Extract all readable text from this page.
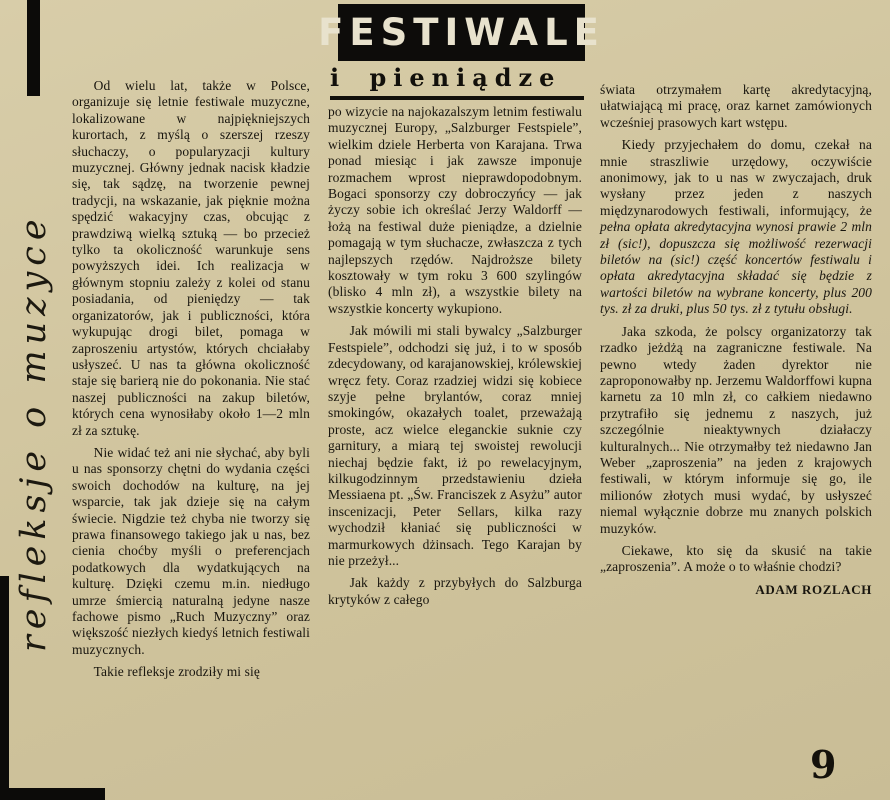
refleksje o muzyce
FESTIWALE
i pieniądze

Od wielu lat, także w Polsce, organizuje się letnie festiwale muzyczne, lokalizowane w najpiękniejszych kurortach, z myślą o szerszej rzeszy słuchaczy, o popularyzacji kultury muzycznej. Główny jednak nacisk kładzie się, tak sądzę, na tworzenie pewnej tradycji, na wskazanie, jak pięknie można spędzić wakacyjny czas, obcując z prawdziwą wielką sztuką — bo przecież tylko ta okoliczność warunkuje sens powyższych idei. Ich realizacja w głównym stopniu zależy z kolei od stanu posiadania, od pieniędzy — tak organizatorów, jak i publiczności, która wykupując drogi bilet, pomaga w zaproszeniu artystów, których chciałaby usłyszeć. U nas ta główna okoliczność staje się barierą nie do pokonania. Nie stać naszej publiczności na zakup biletów, których cena wynosiłaby około 1—2 mln zł za sztukę.

Nie widać też ani nie słychać, aby byli u nas sponsorzy chętni do wydania części swoich dochodów na kulturę, na jej wsparcie, tak jak dzieje się na całym świecie. Nigdzie też chyba nie tworzy się prawa finansowego takiego jak u nas, bez cienia choćby myśli o preferencjach podatkowych dla wydatkujących na kulturę. Dzięki czemu m.in. niedługo umrze śmiercią naturalną jedyne nasze fachowe pismo „Ruch Muzyczny” oraz większość niezłych kiedyś letnich festiwali muzycznych.

Takie refleksje zrodziły mi się

po wizycie na najokazalszym letnim festiwalu muzycznej Europy, „Salzburger Festspiele”, wielkim dziele Herberta von Karajana. Trwa ponad miesiąc i jak zawsze imponuje rozmachem wprost nieprawdopodobnym. Bogaci sponsorzy czy dobroczyńcy — jak życzy sobie ich określać Jerzy Waldorff — łożą na festiwal duże pieniądze, a dzielnie pomagają w tym słuchacze, zwłaszcza z tych najlepszych rzędów. Najdroższe bilety kosztowały w tym roku 3 600 szylingów (blisko 4 mln zł), a wszystkie bilety na wszystkie koncerty wykupiono.

Jak mówili mi stali bywalcy „Salzburger Festspiele”, odchodzi się już, i to w sposób zdecydowany, od karajanowskiej, królewskiej wręcz fety. Coraz rzadziej widzi się kobiece szyje pełne brylantów, coraz mniej smokingów, okazałych toalet, przeważają proste, acz wielce eleganckie suknie czy garnitury, a miarą tej swoistej rewolucji niechaj będzie fakt, iż po rewelacyjnym, kilkugodzinnym przedstawieniu dzieła Messiaena pt. „Św. Franciszek z Asyżu” autor inscenizacji, Peter Sellars, kilka razy wychodził kłaniać się publiczności w marmurkowych dżinsach. Tego Karajan by nie przeżył...

Jak każdy z przybyłych do Salzburga krytyków z całego

świata otrzymałem kartę akredytacyjną, ułatwiającą mi pracę, oraz karnet zamówionych wcześniej prasowych kart wstępu.

Kiedy przyjechałem do domu, czekał na mnie straszliwie urzędowy, oczywiście anonimowy, jak to u nas w zwyczajach, druk wysłany przez jeden z naszych międzynarodowych festiwali, informujący, że pełna opłata akredytacyjna wynosi prawie 2 mln zł (sic!), dopuszcza się możliwość rezerwacji biletów na (sic!) część koncertów festiwalu i opłata akredytacyjna składać się będzie z wartości biletów na wybrane koncerty, plus 200 tys. zł za druki, plus 50 tys. zł z tytułu obsługi.

Jaka szkoda, że polscy organizatorzy tak rzadko jeżdżą na zagraniczne festiwale. Na pewno wtedy żaden dyrektor nie zaproponowałby np. Jerzemu Waldorffowi kupna karnetu za 10 mln zł, co całkiem niedawno przytrafiło się jednemu z naszych, już szczególnie nieaktywnych działaczy kulturalnych... Nie otrzymałby też niedawno Jan Weber „zaproszenia” na jeden z krajowych festiwali, w którym informuje się go, ile milionów złotych musi wydać, by usłyszeć niemal wyłącznie dobrze mu znanych polskich muzyków.

Ciekawe, kto się da skusić na takie „zaproszenia”. A może o to właśnie chodzi?

ADAM ROZLACH

9
